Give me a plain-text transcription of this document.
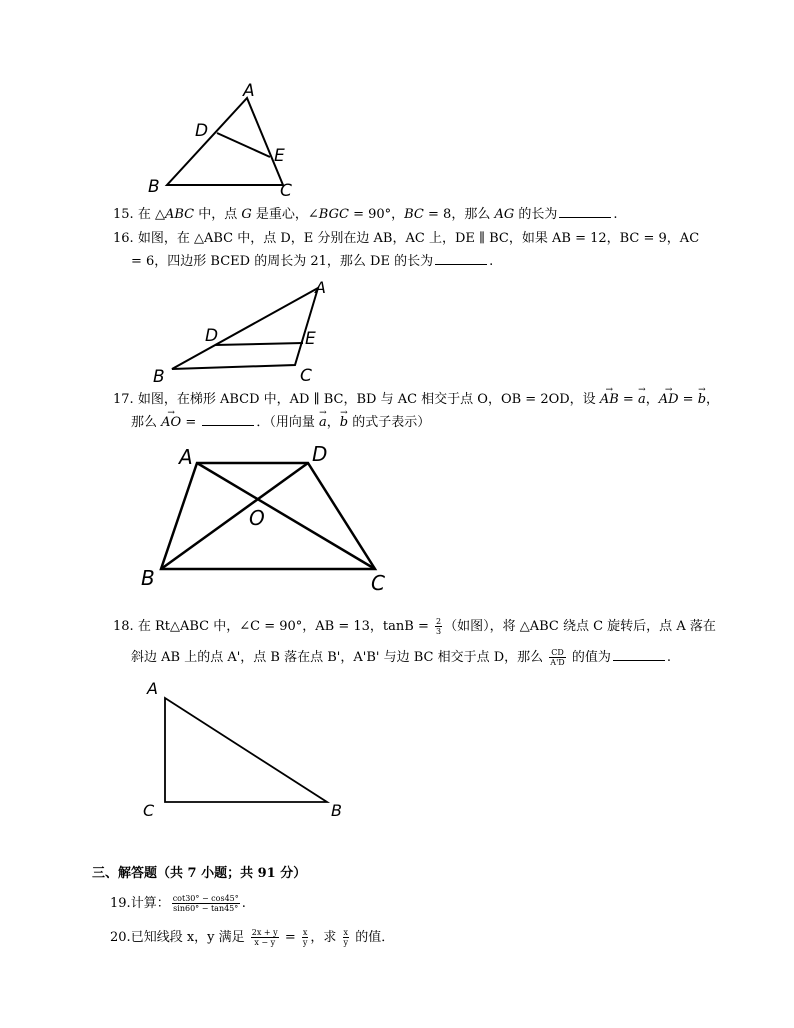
A
D
E
B	C
15. 在 △ABC 中，点 G 是重心，∠BGC = 90°，BC = 8，那么 AG 的长为	.
16. 如图，在 △ABC 中，点 D，E 分别在边 AB，AC 上，DE ∥ BC，如果 AB = 12，BC = 9，AC
= 6，四边形 BCED 的周长为 21，那么 DE 的长为	.
A
D	E
B	C
17. 如图，在梯形 ABCD 中，AD ∥ BC，BD 与 AC 相交于点 O，OB = 2OD，设 → AB = → a，→ AD = → b，
那么 → AO =	．（用向量 → a，→ b 的式子表示）
A	D
O
B	C
18. 在 Rt△ABC 中，∠C = 90°，AB = 13，$\tan B = \frac{2}{3}$ （如图），将 △ABC 绕点 C 旋转后，点 A 落在
斜边 AB 上的点 A'，点 B 落在点 B'，A'B' 与边 BC 相交于点 D，那么 $\frac{CD}{A'D}$ 的值为	.
A
C	B
三、解答题（共 7 小题；共 91 分）
19.计算： $\frac{\cot 30^\circ - \cos 45^\circ}{\sin 60^\circ - \tan 45^\circ}$ .
20.已知线段 x，y 满足 $\frac{2x + y}{x - y} = \frac{x}{y}$ ，求 $\frac{x}{y}$ 的值．
